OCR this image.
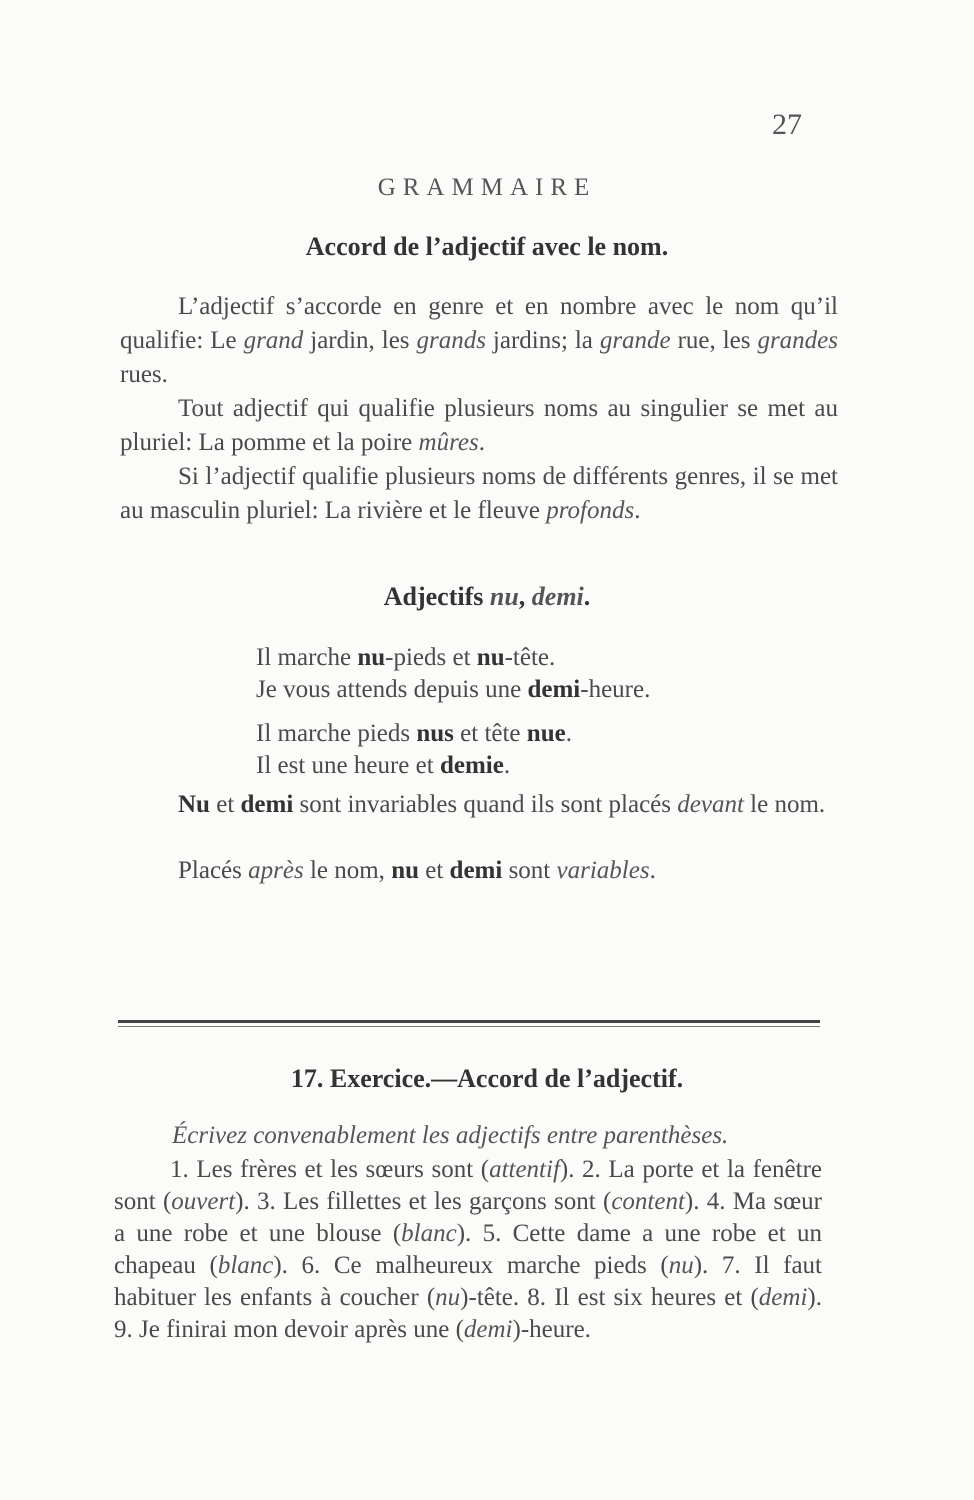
27
GRAMMAIRE
Accord de l’adjectif avec le nom.

L’adjectif s’accorde en genre et en nombre avec le nom qu’il qualifie: Le grand jardin, les grands jardins; la grande rue, les grandes rues.

Tout adjectif qui qualifie plusieurs noms au singulier se met au pluriel: La pomme et la poire mûres.

Si l’adjectif qualifie plusieurs noms de différents genres, il se met au masculin pluriel: La rivière et le fleuve profonds.

Adjectifs nu, demi.

Il marche nu-pieds et nu-tête.

Je vous attends depuis une demi-heure.

Il marche pieds nus et tête nue.

Il est une heure et demie.

Nu et demi sont invariables quand ils sont placés devant le nom.

Placés après le nom, nu et demi sont variables.

17. Exercice.—Accord de l’adjectif.
Écrivez convenablement les adjectifs entre parenthèses.

1. Les frères et les sœurs sont (attentif). 2. La porte et la fenêtre sont (ouvert). 3. Les fillettes et les garçons sont (content). 4. Ma sœur a une robe et une blouse (blanc). 5. Cette dame a une robe et un chapeau (blanc). 6. Ce malheureux marche pieds (nu). 7. Il faut habituer les enfants à coucher (nu)-tête. 8. Il est six heures et (demi). 9. Je finirai mon devoir après une (demi)-heure.
